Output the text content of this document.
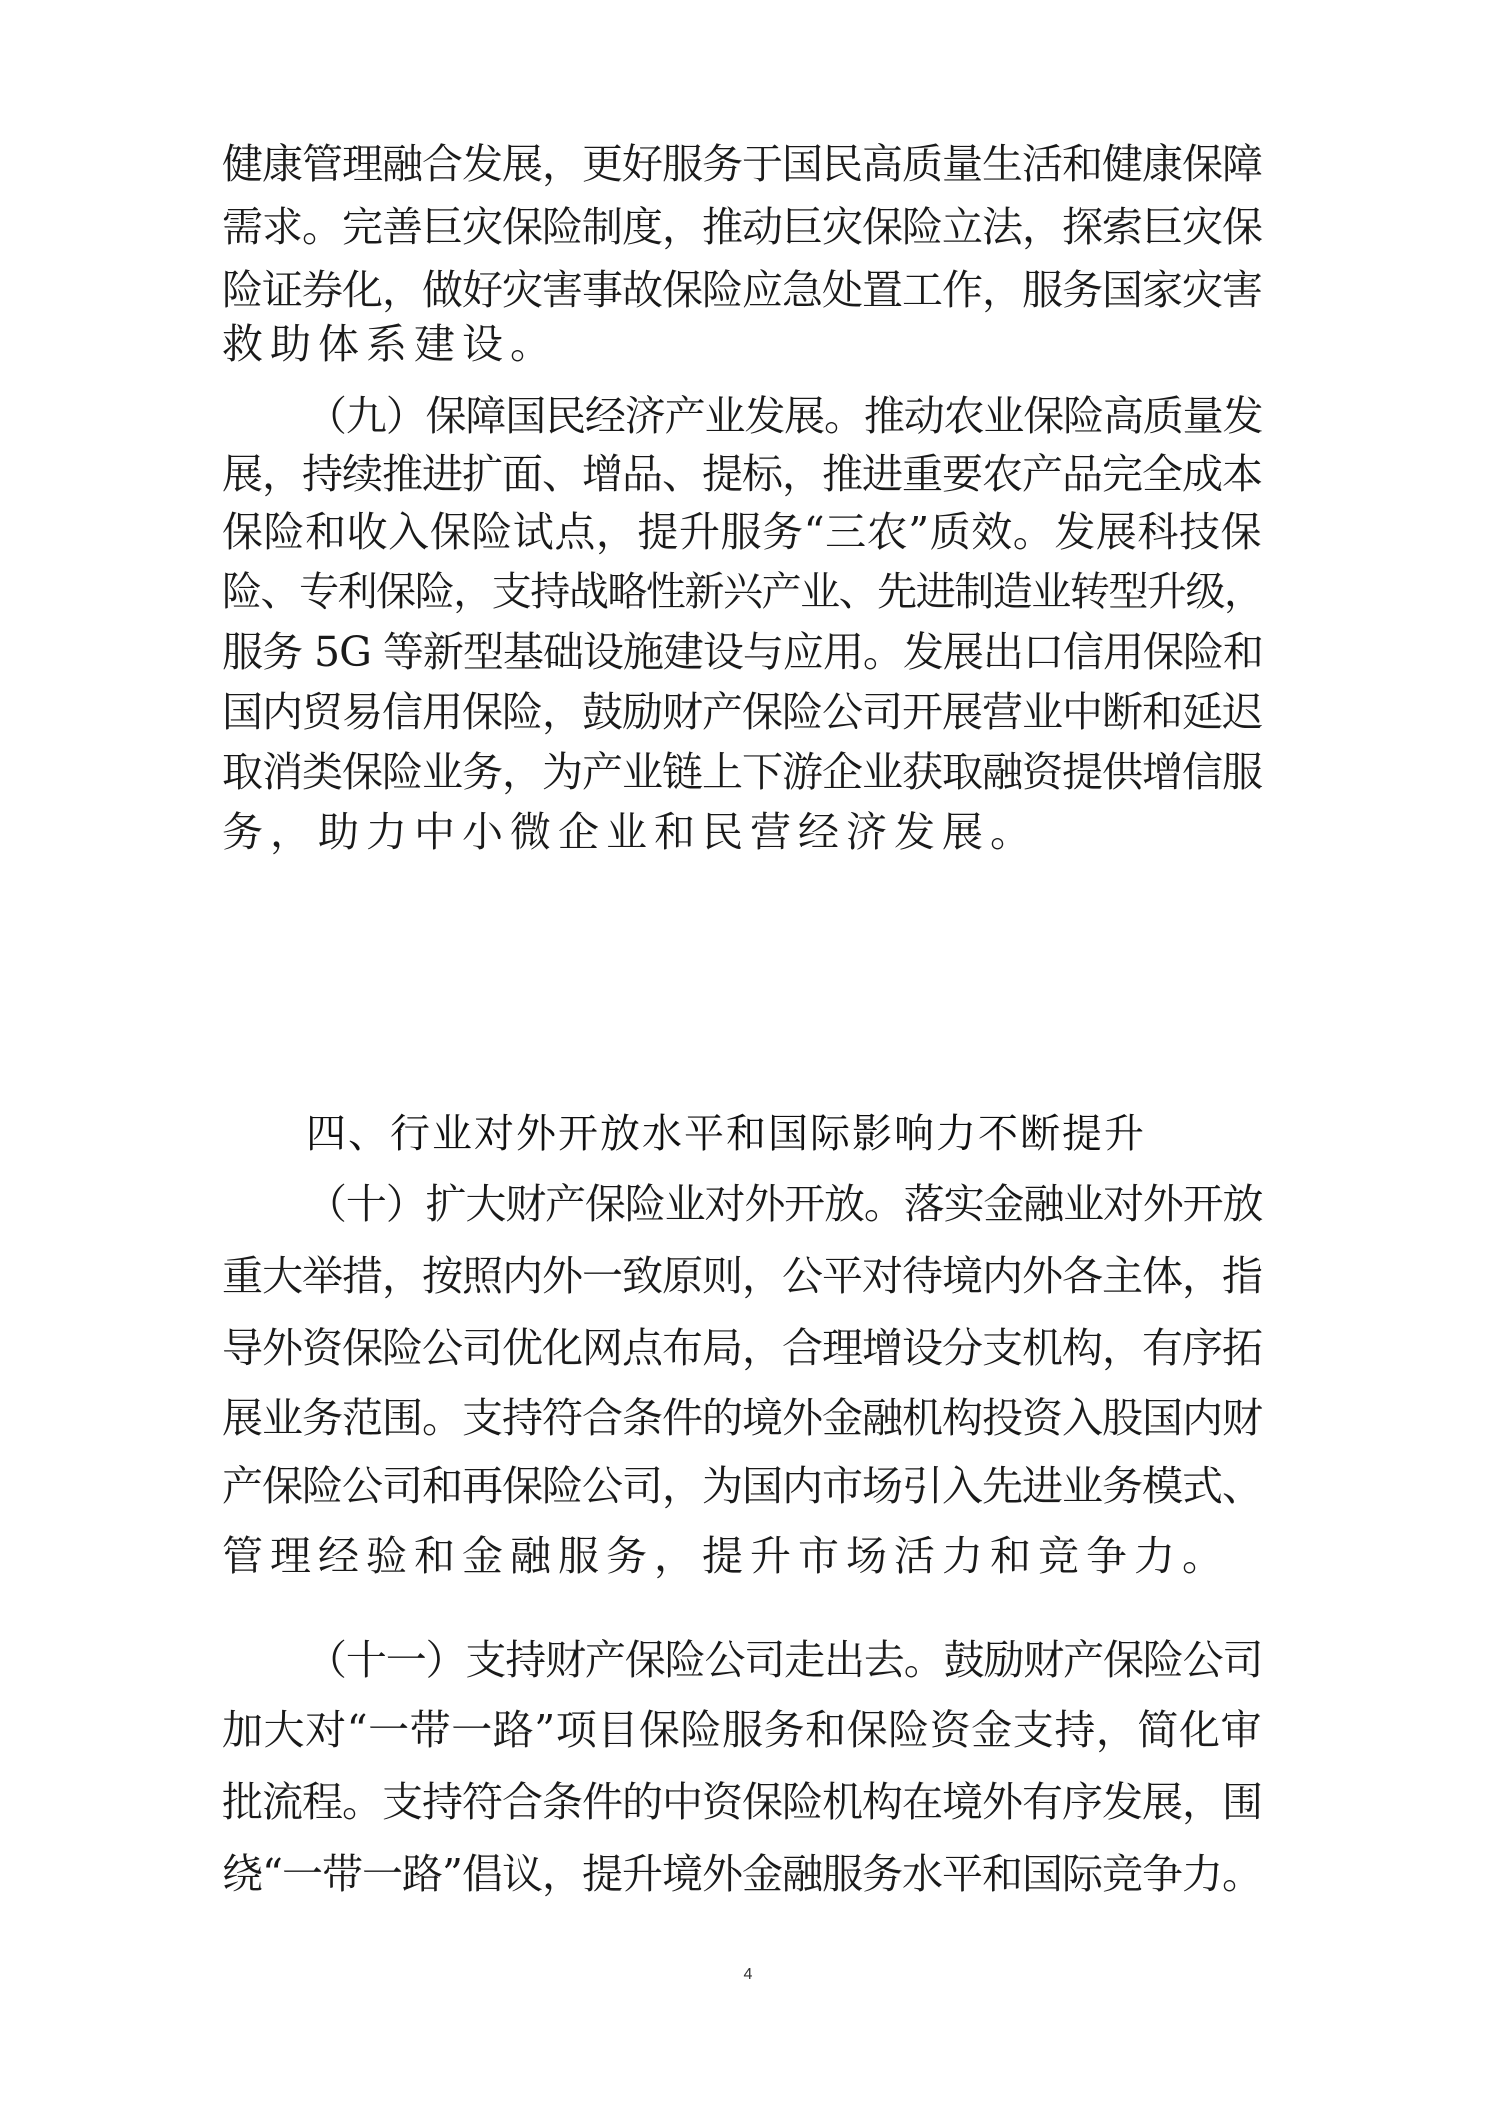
健康管理融合发展，更好服务于国民高质量生活和健康保障
需求。完善巨灾保险制度，推动巨灾保险立法，探索巨灾保
险证券化，做好灾害事故保险应急处置工作，服务国家灾害
救助体系建设。
（九）保障国民经济产业发展。推动农业保险高质量发
展，持续推进扩面、增品、提标，推进重要农产品完全成本
保险和收入保险试点，提升服务“三农”质效。发展科技保
险、专利保险，支持战略性新兴产业、先进制造业转型升级，
服务 5G 等新型基础设施建设与应用。发展出口信用保险和
国内贸易信用保险，鼓励财产保险公司开展营业中断和延迟
取消类保险业务，为产业链上下游企业获取融资提供增信服
务，助力中小微企业和民营经济发展。
四、行业对外开放水平和国际影响力不断提升
（十）扩大财产保险业对外开放。落实金融业对外开放
重大举措，按照内外一致原则，公平对待境内外各主体，指
导外资保险公司优化网点布局，合理增设分支机构，有序拓
展业务范围。支持符合条件的境外金融机构投资入股国内财
产保险公司和再保险公司，为国内市场引入先进业务模式、
管理经验和金融服务，提升市场活力和竞争力。
（十一）支持财产保险公司走出去。鼓励财产保险公司
加大对“一带一路”项目保险服务和保险资金支持，简化审
批流程。支持符合条件的中资保险机构在境外有序发展，围
绕“一带一路”倡议，提升境外金融服务水平和国际竞争力。
4
